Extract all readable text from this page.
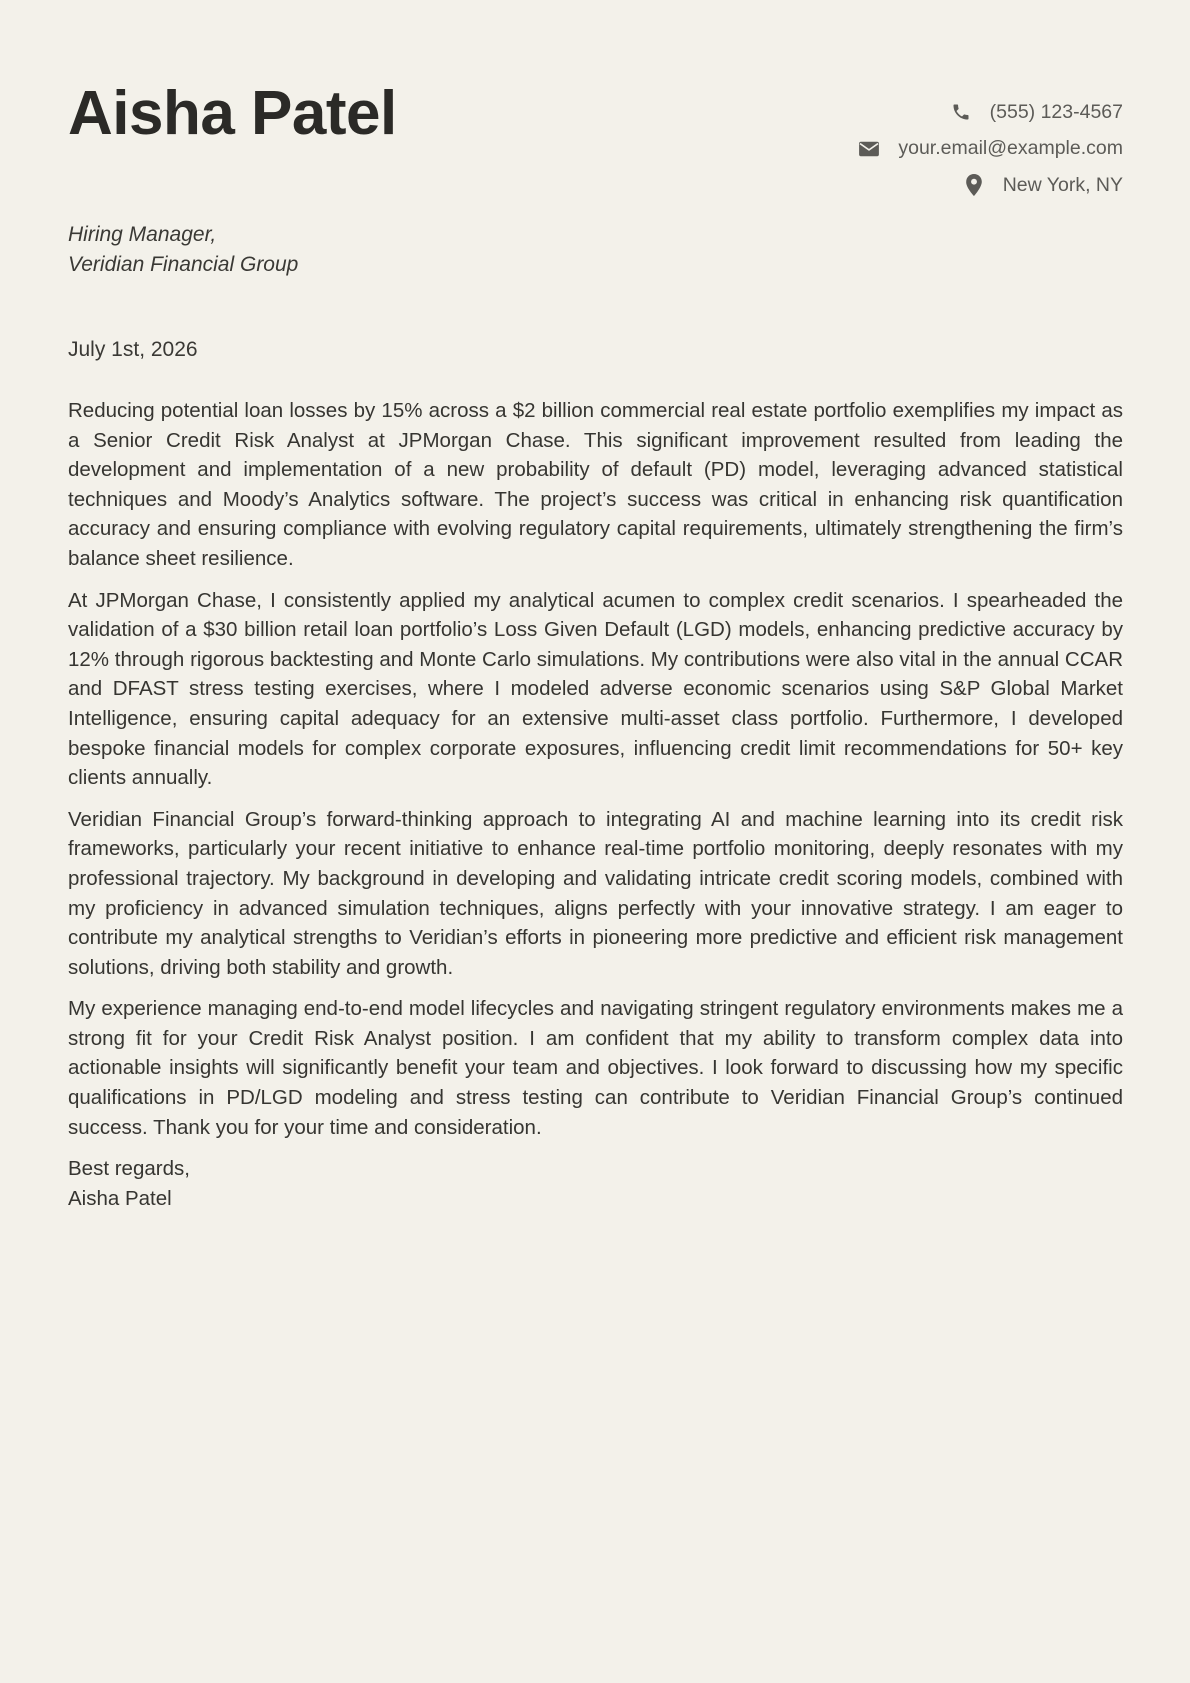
Aisha Patel	(555) 123-4567
your.email@example.com
New York, NY
Hiring Manager,
Veridian Financial Group
July 1st, 2026

Reducing potential loan losses by 15% across a $2 billion commercial real estate portfolio exemplifies my impact as a Senior Credit Risk Analyst at JPMorgan Chase. This significant improvement resulted from leading the development and implementation of a new probability of default (PD) model, leveraging advanced statistical techniques and Moody’s Analytics software. The project’s success was critical in enhancing risk quantification accuracy and ensuring compliance with evolving regulatory capital requirements, ultimately strengthening the firm’s balance sheet resilience.

At JPMorgan Chase, I consistently applied my analytical acumen to complex credit scenarios. I spearheaded the validation of a $30 billion retail loan portfolio’s Loss Given Default (LGD) models, enhancing predictive accuracy by 12% through rigorous backtesting and Monte Carlo simulations. My contributions were also vital in the annual CCAR and DFAST stress testing exercises, where I modeled adverse economic scenarios using S&P Global Market Intelligence, ensuring capital adequacy for an extensive multi-asset class portfolio. Furthermore, I developed bespoke financial models for complex corporate exposures, influencing credit limit recommendations for 50+ key clients annually.

Veridian Financial Group’s forward-thinking approach to integrating AI and machine learning into its credit risk frameworks, particularly your recent initiative to enhance real-time portfolio monitoring, deeply resonates with my professional trajectory. My background in developing and validating intricate credit scoring models, combined with my proficiency in advanced simulation techniques, aligns perfectly with your innovative strategy. I am eager to contribute my analytical strengths to Veridian’s efforts in pioneering more predictive and efficient risk management solutions, driving both stability and growth.

My experience managing end-to-end model lifecycles and navigating stringent regulatory environments makes me a strong fit for your Credit Risk Analyst position. I am confident that my ability to transform complex data into actionable insights will significantly benefit your team and objectives. I look forward to discussing how my specific qualifications in PD/LGD modeling and stress testing can contribute to Veridian Financial Group’s continued success. Thank you for your time and consideration.

Best regards,
Aisha Patel
